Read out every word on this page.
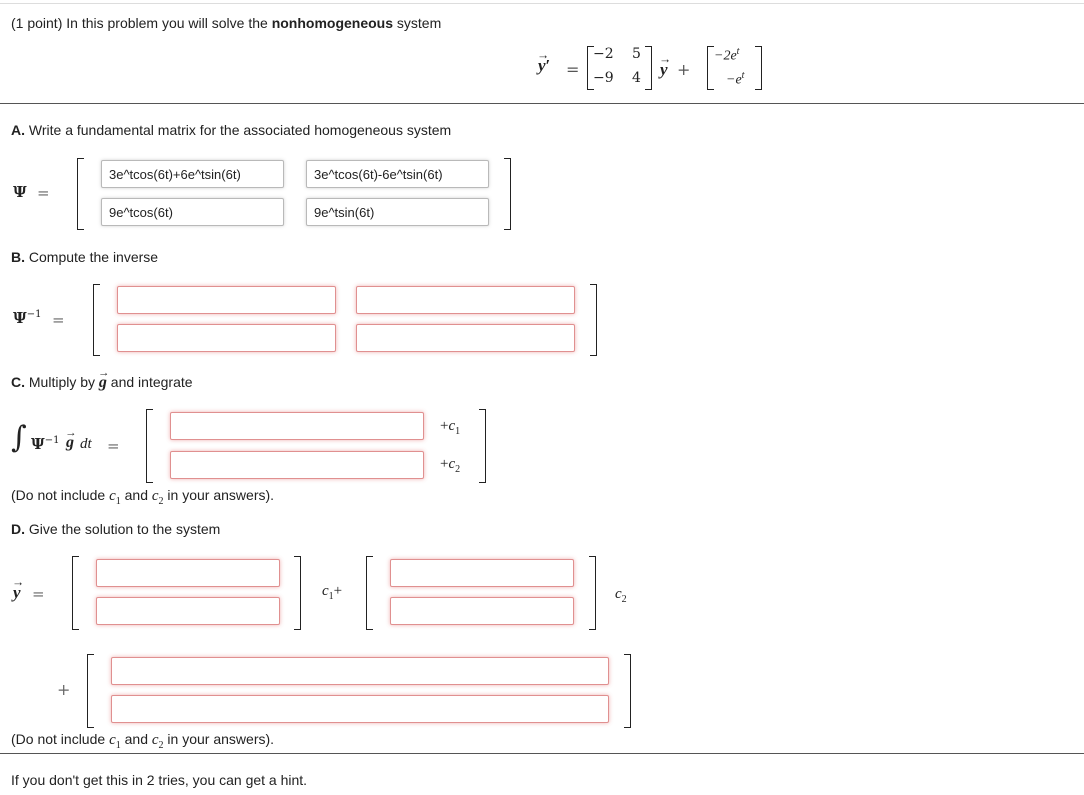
(1 point) In this problem you will solve the nonhomogeneous system
→ y′ =
−2 5
−9 4
→ y +
$-2e^t$
$-e^t$
A. Write a fundamental matrix for the associated homogeneous system
Ψ =
3e^tcos(6t)+6e^tsin(6t)
3e^tcos(6t)-6e^tsin(6t)
9e^tcos(6t)
9e^tsin(6t)
B. Compute the inverse
$\Psi^{-1}$ =
C. Multiply by → g and integrate
∫ $\Psi^{-1}$
→ g dt =
$+c_1$
$+c_2$
(Do not include $c_1$ and $c_2$ in your answers).
D. Give the solution to the system
→ y =	$c_1+$	$c_2$
+
(Do not include $c_1$ and $c_2$ in your answers).
If you don't get this in 2 tries, you can get a hint.
